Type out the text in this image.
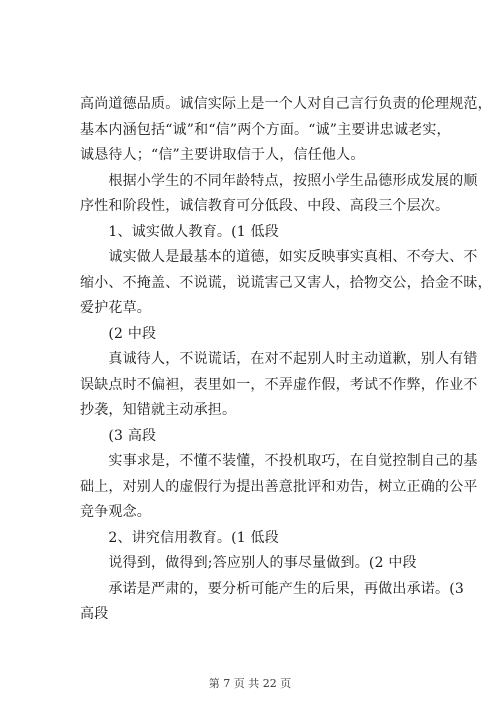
高尚道德品质。诚信实际上是一个人对自己言行负责的伦理规范，
基本内涵包括“诚”和“信”两个方面。“诚”主要讲忠诚老实，
诚恳待人；“信”主要讲取信于人，信任他人。
　　根据小学生的不同年龄特点，按照小学生品德形成发展的顺
序性和阶段性，诚信教育可分低段、中段、高段三个层次。
　　1、诚实做人教育。(1 低段
　　诚实做人是最基本的道德，如实反映事实真相、不夸大、不
缩小、不掩盖、不说谎，说谎害己又害人，拾物交公，拾金不昧，
爱护花草。
　　(2 中段
　　真诚待人，不说谎话，在对不起别人时主动道歉，别人有错
误缺点时不偏袒，表里如一，不弄虚作假，考试不作弊，作业不
抄袭，知错就主动承担。
　　(3 高段
　　实事求是，不懂不装懂，不投机取巧，在自觉控制自己的基
础上，对别人的虚假行为提出善意批评和劝告，树立正确的公平
竞争观念。
　　2、讲究信用教育。(1 低段
　　说得到，做得到;答应别人的事尽量做到。(2 中段
　　承诺是严肃的，要分析可能产生的后果，再做出承诺。(3
高段
第 7 页 共 22 页
